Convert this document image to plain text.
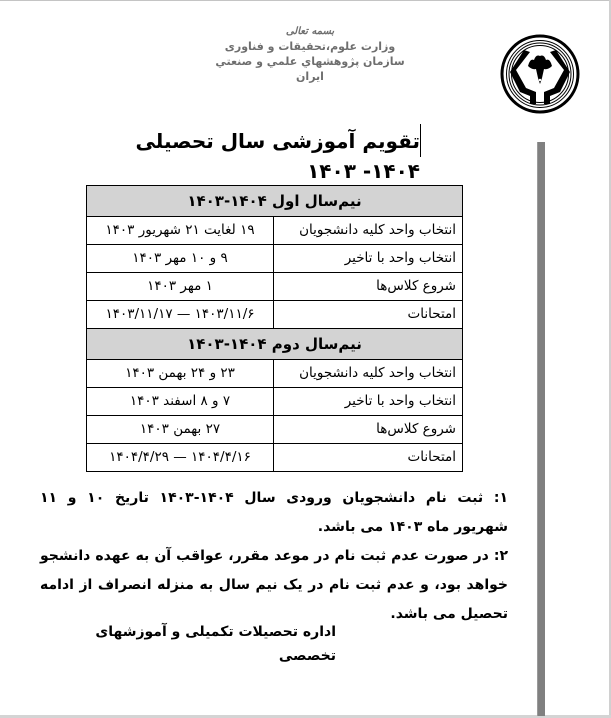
بسمه تعالی
وزارت علوم،تحقیقات و فناوری
سازمان پژوهشهاي علمي و صنعتي ايران
تقویم آموزشی سال تحصیلی ۱۴۰۴- ۱۴۰۳
نیم‌سال اول ۱۴۰۴-۱۴۰۳	
انتخاب واحد کلیه دانشجویان	۱۹ لغایت ۲۱ شهریور ۱۴۰۳
انتخاب واحد با تاخیر	۹ و ۱۰ مهر ۱۴۰۳
شروع کلاس‌ها	۱ مهر ۱۴۰۳
امتحانات	۱۴۰۳/۱۱/۶ — ۱۴۰۳/۱۱/۱۷
نیم‌سال دوم ۱۴۰۴-۱۴۰۳	
انتخاب واحد کلیه دانشجویان	۲۳ و ۲۴ بهمن ۱۴۰۳
انتخاب واحد با تاخیر	۷ و ۸ اسفند ۱۴۰۳
شروع کلاس‌ها	۲۷ بهمن ۱۴۰۳
امتحانات	۱۴۰۴/۴/۱۶ — ۱۴۰۴/۴/۲۹

۱: ثبت نام دانشجویان ورودی سال ۱۴۰۴-۱۴۰۳ تاریخ ۱۰ و ۱۱ شهریور ماه ۱۴۰۳ می باشد.

۲: در صورت عدم ثبت نام در موعد مقرر، عواقب آن به عهده دانشجو خواهد بود، و عدم ثبت نام در یک نیم سال به منزله انصراف از ادامه تحصیل می باشد.

اداره تحصیلات تکمیلی و آموزشهای تخصصی
